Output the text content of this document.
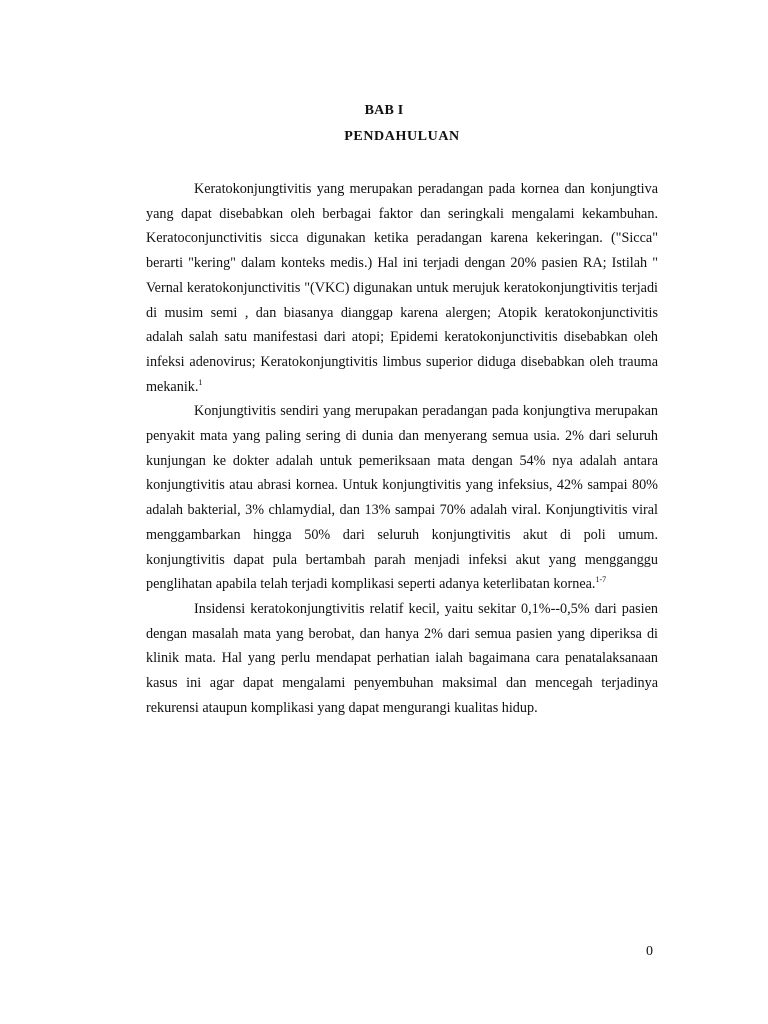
BAB I
PENDAHULUAN

Keratokonjungtivitis yang merupakan peradangan pada kornea dan konjungtiva yang dapat disebabkan oleh berbagai faktor dan seringkali mengalami kekambuhan. Keratoconjunctivitis sicca digunakan ketika peradangan karena kekeringan. ("Sicca" berarti "kering" dalam konteks medis.) Hal ini terjadi dengan 20% pasien RA; Istilah " Vernal keratokonjunctivitis "(VKC) digunakan untuk merujuk keratokonjungtivitis terjadi di musim semi , dan biasanya dianggap karena alergen; Atopik keratokonjunctivitis adalah salah satu manifestasi dari atopi; Epidemi keratokonjunctivitis disebabkan oleh infeksi adenovirus; Keratokonjungtivitis limbus superior diduga disebabkan oleh trauma mekanik.$^1$

Konjungtivitis sendiri yang merupakan peradangan pada konjungtiva merupakan penyakit mata yang paling sering di dunia dan menyerang semua usia. 2% dari seluruh kunjungan ke dokter adalah untuk pemeriksaan mata dengan 54% nya adalah antara konjungtivitis atau abrasi kornea. Untuk konjungtivitis yang infeksius, 42% sampai 80% adalah bakterial, 3% chlamydial, dan 13% sampai 70% adalah viral. Konjungtivitis viral menggambarkan hingga 50% dari seluruh konjungtivitis akut di poli umum. konjungtivitis dapat pula bertambah parah menjadi infeksi akut yang mengganggu penglihatan apabila telah terjadi komplikasi seperti adanya keterlibatan kornea.$^{1-7}$

Insidensi keratokonjungtivitis relatif kecil, yaitu sekitar 0,1%--0,5% dari pasien dengan masalah mata yang berobat, dan hanya 2% dari semua pasien yang diperiksa di klinik mata. Hal yang perlu mendapat perhatian ialah bagaimana cara penatalaksanaan kasus ini agar dapat mengalami penyembuhan maksimal dan mencegah terjadinya rekurensi ataupun komplikasi yang dapat mengurangi kualitas hidup.

0
